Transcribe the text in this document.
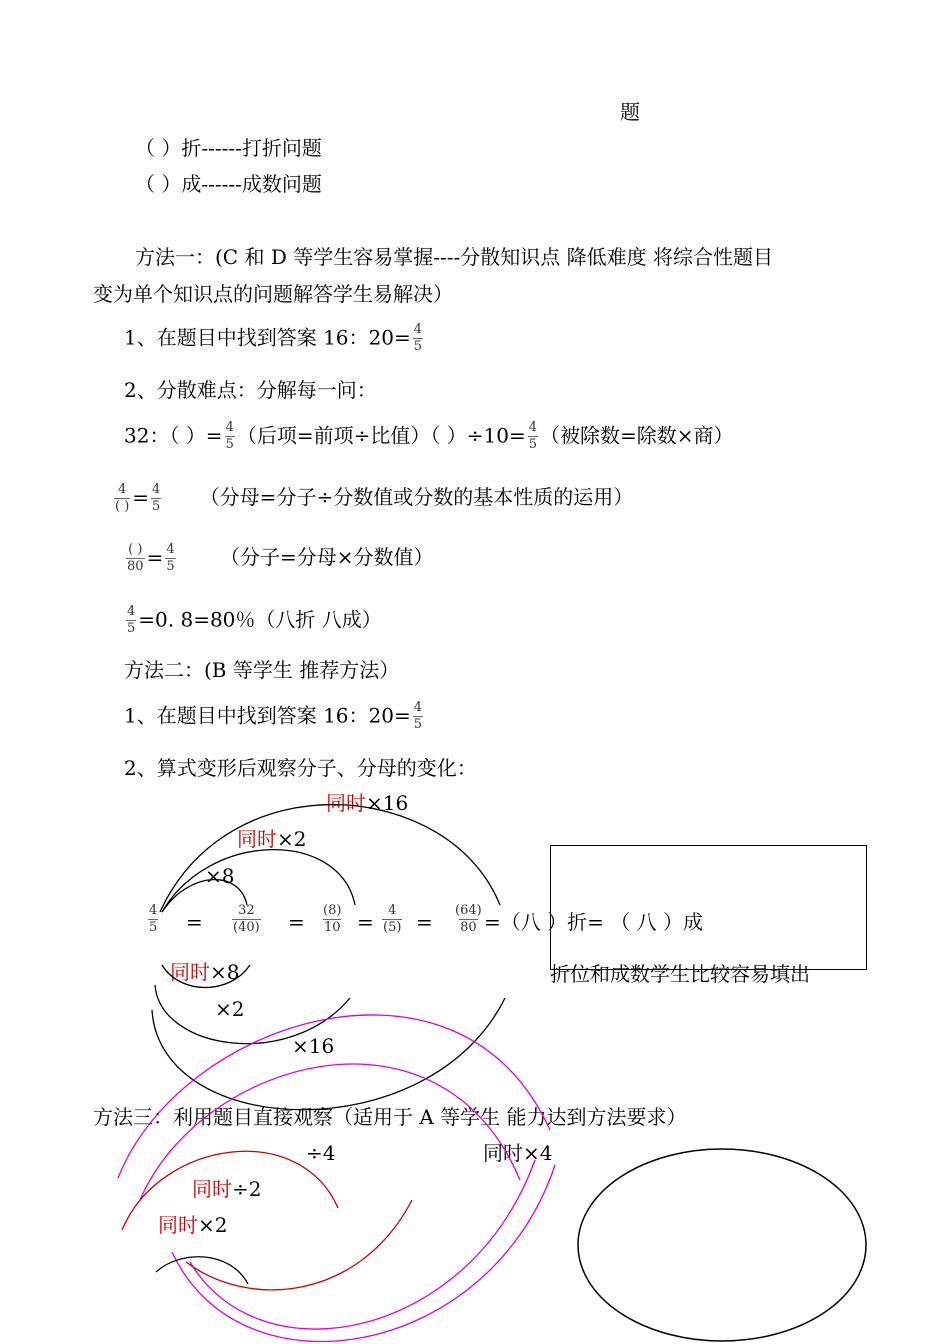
题
（ ）折------打折问题
（ ）成------成数问题
方法一：(C 和 D 等学生容易掌握----分散知识点 降低难度 将综合性题目
变为单个知识点的问题解答学生易解决）
1、在题目中找到答案 16：$20= \frac{4}{5}$
2、分散难点：分解每一问：
32：（ ）= $\frac{4}{5}$ （后项=前项÷比值）（ ）$\div 10= \frac{4}{5}$ （被除数=除数×商）
$\frac{4}{( )} = \frac{4}{5}$ （分母=分子÷分数值或分数的基本性质的运用）
$\frac{( )}{80} = \frac{4}{5}$ （分子=分母×分数值）
$\frac{4}{5} =0$. 8=80％（八折 八成）
方法二：(B 等学生 推荐方法）
1、在题目中找到答案 16：$20= \frac{4}{5}$
2、算式变形后观察分子、分母的变化：
同时×16
同时×2
×8
$\frac{4}{5} = \frac{32}{(40)} = \frac{(8)}{10} = \frac{4}{(5)} = \frac{(64)}{80}$ =（八 ）折= （ 八 ）成
折位和成数学生比较容易填出
同时×8
×2
×16
方法三：利用题目直接观察（适用于 A 等学生 能力达到方法要求）
÷4	同时×4
同时÷2
同时×2
